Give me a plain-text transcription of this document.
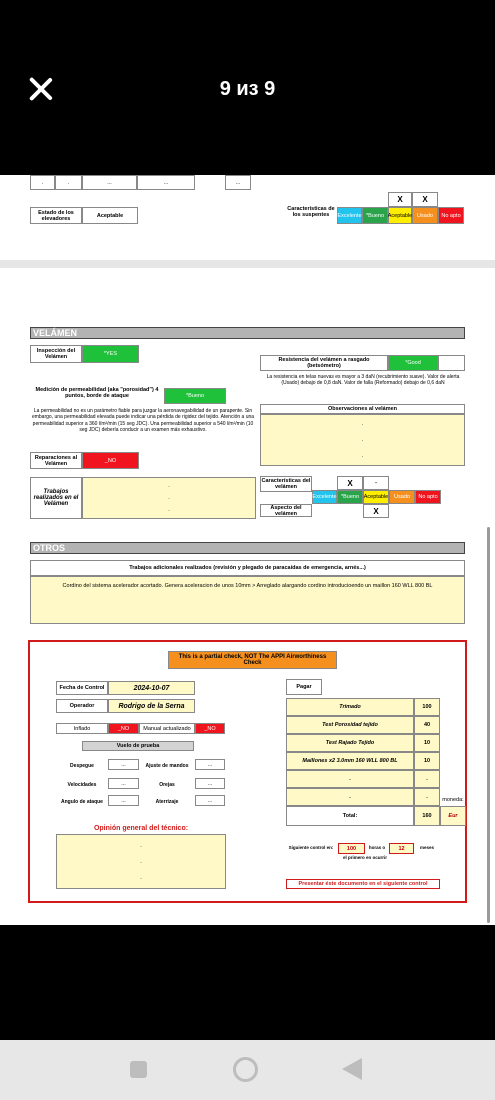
9 из 9
.	.	...	...	...
Estado de los elevadores	Aceptable
Características de los suspentes
X	X
Excelente *Bueno Aceptable Usado	No apto
VELÁMEN
Inspección del Velámen	*YES
Resistencia del velámen a rasgado (betsómetro)	*Good
La resistencia en telas nuevas es mayor a 3 daN (recubrimiento suave). Valor de alerta (Usado) debajo de 0,8 daN. Valor de falla (Reformado) debajo de 0,6 daN
Medición de permeabilidad (aka "porosidad") 4 puntos, borde de ataque	*Bueno
La permeabilidad no es un parámetro fiable para juzgar la aeronavegabilidad de un parapente. Sin embargo, una permeabilidad elevada puede indicar una pérdida de rigidez del tejido. Atención a una permeabilidad superior a 360 l/m²/min (15 seg JDC). Una permeabilidad superior a 540 l/m²/min (10 seg JDC) debería conducir a un examen más exhaustivo.
Observaciones al velámen
.
.
.
Reparaciones al Velámen	_NO
Trabajos realizados en el Velámen
.
.
.
Características del velámen	X	-
Excelente *Bueno Aceptable	Usado	No apto
Aspecto del velámen	X
OTROS
Trabajos adicionales realizados (revisión y plegado de paracaídas de emergencia, arnés...)
Cordino del sistema acelerador acortado. Genera aceleracion de unos 10mm > Arreglado alargando cordino introducioendo un maillon 160 WLL 800 BL
This is a partial check, NOT The APPI Airworthiness Check
Fecha de Control	2024-10-07
Operador	Rodrigo de la Serna
Inflado	_NO	Manual actualizado	_NO
Vuelo de prueba
Despegue	...	Ajuste de mandos	...
Velocidades	...	Orejas	...
Angulo de ataque	...	Aterrizaje	...
Opinión general del técnico:
.
.
.
Pagar
Trimado	100
Test Porosidad tejido	40
Test Rajado Tejido	10
Maillones x2 3.0mm 160 WLL 800 BL	10
.	.
.	.	moneda:
Total:	160	Eur
Siguiente control en:	100	horas o	12	meses
el primero en ocurrir
Presentar éste documento en el siguiente control
